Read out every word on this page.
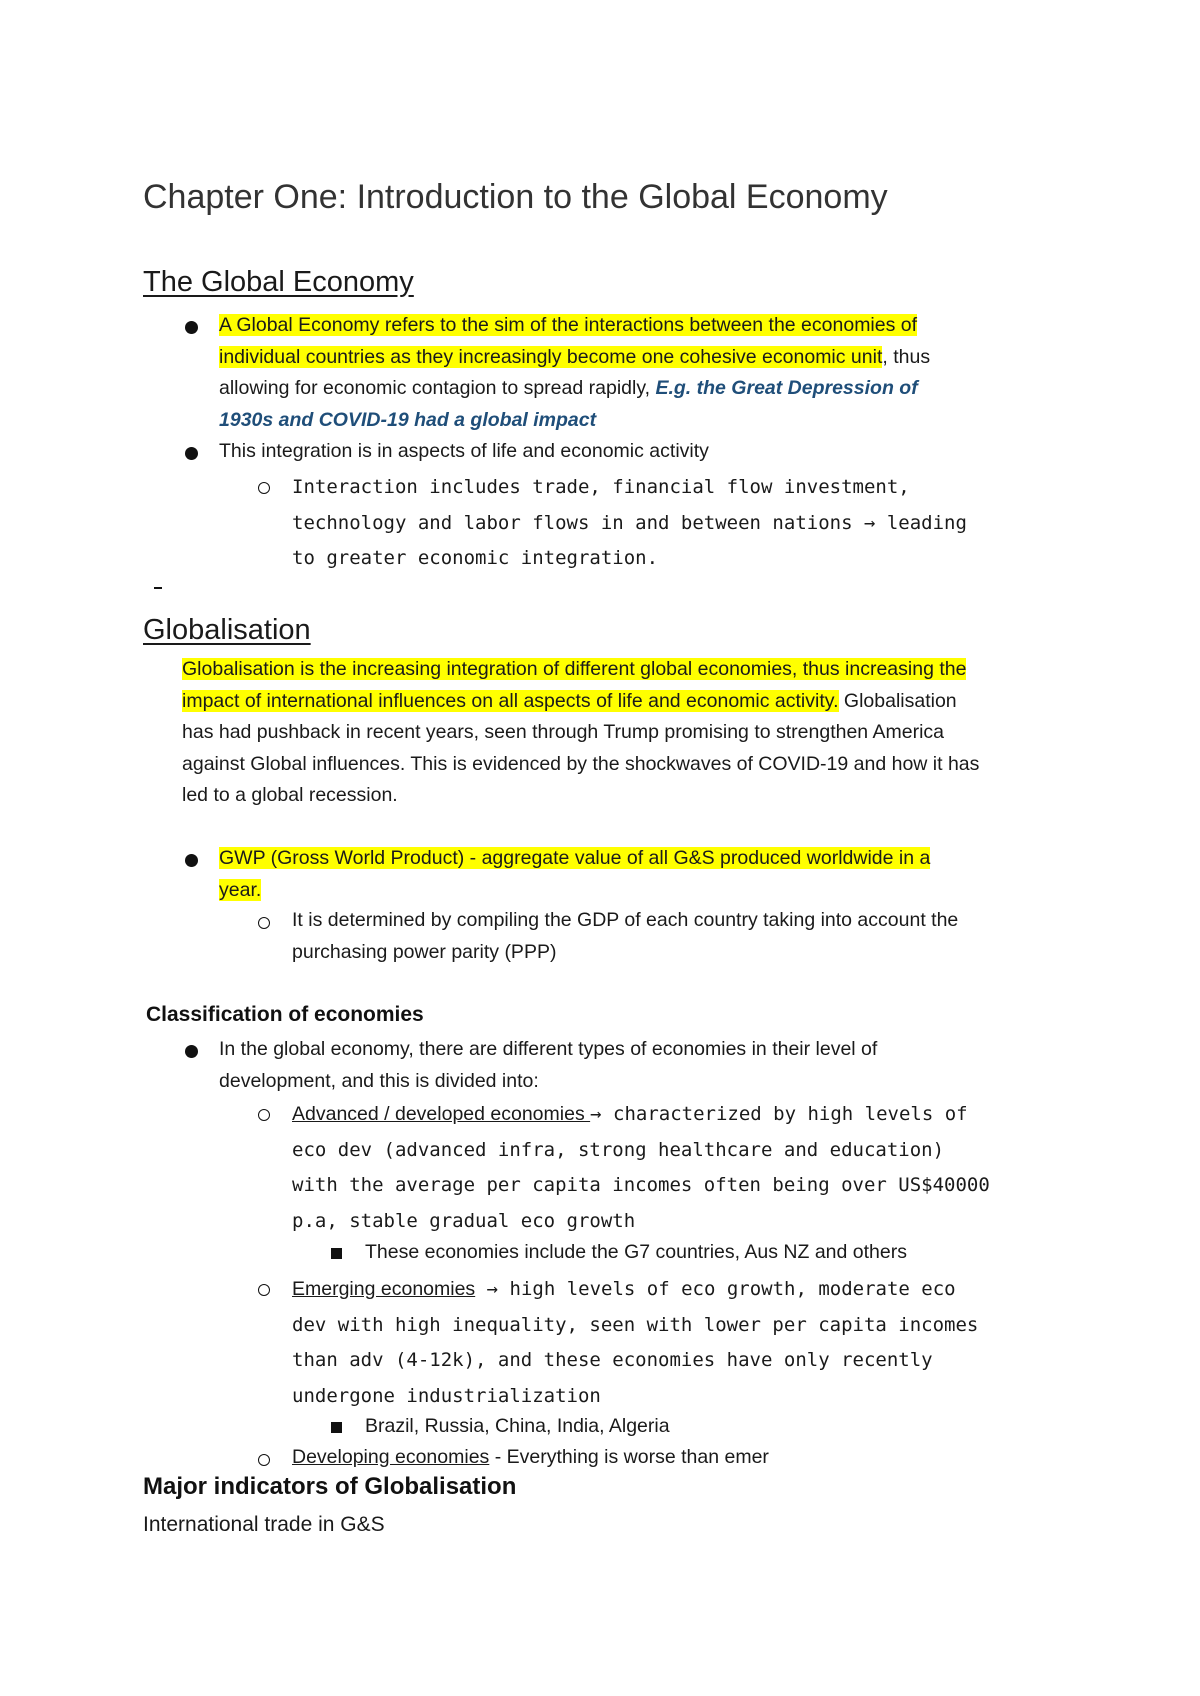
Chapter One: Introduction to the Global Economy
The Global Economy
A Global Economy refers to the sim of the interactions between the economies of
individual countries as they increasingly become one cohesive economic unit, thus
allowing for economic contagion to spread rapidly, E.g. the Great Depression of
1930s and COVID-19 had a global impact
This integration is in aspects of life and economic activity
Interaction includes trade, financial flow investment,
technology and labor flows in and between nations → leading
to greater economic integration.
Globalisation
Globalisation is the increasing integration of different global economies, thus increasing the
impact of international influences on all aspects of life and economic activity. Globalisation
has had pushback in recent years, seen through Trump promising to strengthen America
against Global influences. This is evidenced by the shockwaves of COVID-19 and how it has
led to a global recession.
GWP (Gross World Product) - aggregate value of all G&S produced worldwide in a
year.
It is determined by compiling the GDP of each country taking into account the
purchasing power parity (PPP)
Classification of economies
In the global economy, there are different types of economies in their level of
development, and this is divided into:
Advanced / developed economies → characterized by high levels of
eco dev (advanced infra, strong healthcare and education)
with the average per capita incomes often being over US$40000
p.a, stable gradual eco growth
These economies include the G7 countries, Aus NZ and others
Emerging economies → high levels of eco growth, moderate eco
dev with high inequality, seen with lower per capita incomes
than adv (4-12k), and these economies have only recently
undergone industrialization
Brazil, Russia, China, India, Algeria
Developing economies - Everything is worse than emer
Major indicators of Globalisation

International trade in G&S
